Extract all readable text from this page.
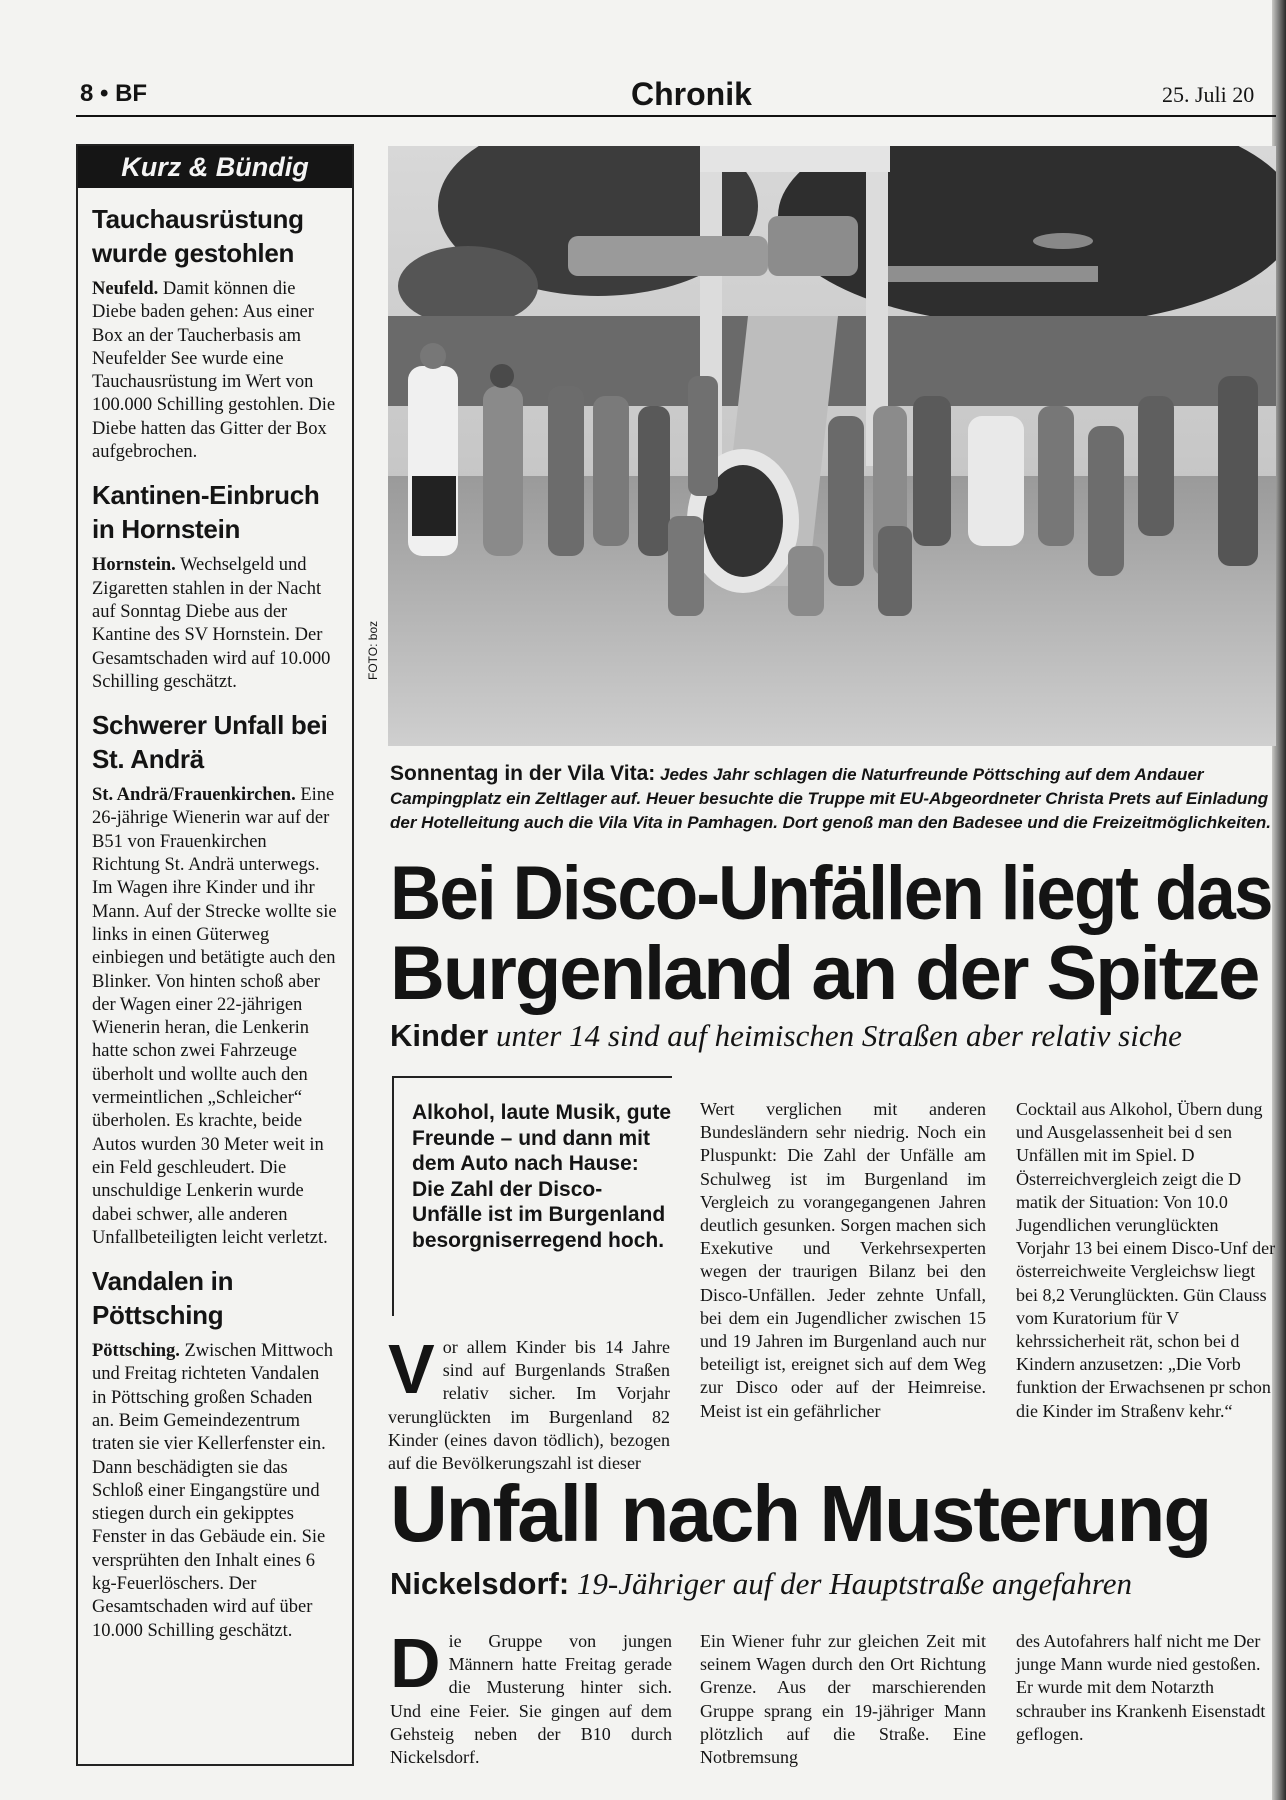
8 • BF	Chronik	25. Juli 20
Kurz & Bündig
Tauchausrüstung wurde gestohlen

Neufeld. Damit können die Diebe baden gehen: Aus einer Box an der Taucherbasis am Neufelder See wurde eine Tauchausrüstung im Wert von 100.000 Schilling gestohlen. Die Diebe hatten das Gitter der Box aufgebrochen.

Kantinen-Einbruch in Hornstein

Hornstein. Wechselgeld und Zigaretten stahlen in der Nacht auf Sonntag Diebe aus der Kantine des SV Hornstein. Der Gesamtschaden wird auf 10.000 Schilling geschätzt.

Schwerer Unfall bei St. Andrä

St. Andrä/Frauenkirchen. Eine 26-jährige Wienerin war auf der B51 von Frauenkirchen Richtung St. Andrä unterwegs. Im Wagen ihre Kinder und ihr Mann. Auf der Strecke wollte sie links in einen Güterweg einbiegen und betätigte auch den Blinker. Von hinten schoß aber der Wagen einer 22-jährigen Wienerin heran, die Lenkerin hatte schon zwei Fahrzeuge überholt und wollte auch den vermeintlichen „Schleicher“ überholen. Es krachte, beide Autos wurden 30 Meter weit in ein Feld geschleudert. Die unschuldige Lenkerin wurde dabei schwer, alle anderen Unfallbeteiligten leicht verletzt.

Vandalen in Pöttsching

Pöttsching. Zwischen Mittwoch und Freitag richteten Vandalen in Pöttsching großen Schaden an. Beim Gemeindezentrum traten sie vier Kellerfenster ein. Dann beschädigten sie das Schloß einer Eingangstüre und stiegen durch ein gekipptes Fenster in das Gebäude ein. Sie versprühten den Inhalt eines 6 kg-Feuerlöschers. Der Gesamtschaden wird auf über 10.000 Schilling geschätzt.

FOTO: boz
Sonnentag in der Vila Vita: Jedes Jahr schlagen die Naturfreunde Pöttsching auf dem Andauer Campingplatz ein Zeltlager auf. Heuer besuchte die Truppe mit EU-Abgeordneter Christa Prets auf Einladung der Hotelleitung auch die Vila Vita in Pamhagen. Dort genoß man den Badesee und die Freizeitmöglichkeiten.
Bei Disco-Unfällen liegt das
Burgenland an der Spitze
Kinder unter 14 sind auf heimischen Straßen aber relativ siche

Alkohol, laute Musik, gute Freunde – und dann mit dem Auto nach Hause: Die Zahl der Disco-Unfälle ist im Burgenland besorgniserregend hoch.

V or allem Kinder bis 14 Jahre sind auf Burgenlands Straßen relativ sicher. Im Vorjahr verunglückten im Burgenland 82 Kinder (eines davon tödlich), bezogen auf die Bevölkerungszahl ist dieser

Wert verglichen mit anderen Bundesländern sehr niedrig. Noch ein Pluspunkt: Die Zahl der Unfälle am Schulweg ist im Burgenland im Vergleich zu vorangegangenen Jahren deutlich gesunken. Sorgen machen sich Exekutive und Verkehrsexperten wegen der traurigen Bilanz bei den Disco-Unfällen. Jeder zehnte Unfall, bei dem ein Jugendlicher zwischen 15 und 19 Jahren im Burgenland auch nur beteiligt ist, ereignet sich auf dem Weg zur Disco oder auf der Heimreise. Meist ist ein gefährlicher

Cocktail aus Alkohol, Übern dung und Ausgelassenheit bei d sen Unfällen mit im Spiel. D Österreichvergleich zeigt die D matik der Situation: Von 10.0 Jugendlichen verunglückten Vorjahr 13 bei einem Disco-Unf der österreichweite Vergleichsw liegt bei 8,2 Verunglückten. Gün Clauss vom Kuratorium für V kehrssicherheit rät, schon bei d Kindern anzusetzen: „Die Vorb funktion der Erwachsenen pr schon die Kinder im Straßenv kehr.“

Unfall nach Musterung
Nickelsdorf: 19-Jähriger auf der Hauptstraße angefahren
D ie Gruppe von jungen Männern hatte Freitag gerade die Musterung hinter sich. Und eine Feier. Sie gingen auf dem Gehsteig neben der B10 durch Nickelsdorf.

Ein Wiener fuhr zur gleichen Zeit mit seinem Wagen durch den Ort Richtung Grenze. Aus der marschierenden Gruppe sprang ein 19-jähriger Mann plötzlich auf die Straße. Eine Notbremsung

des Autofahrers half nicht me Der junge Mann wurde nied gestoßen. Er wurde mit dem Notarzth schrauber ins Krankenh Eisenstadt geflogen.
